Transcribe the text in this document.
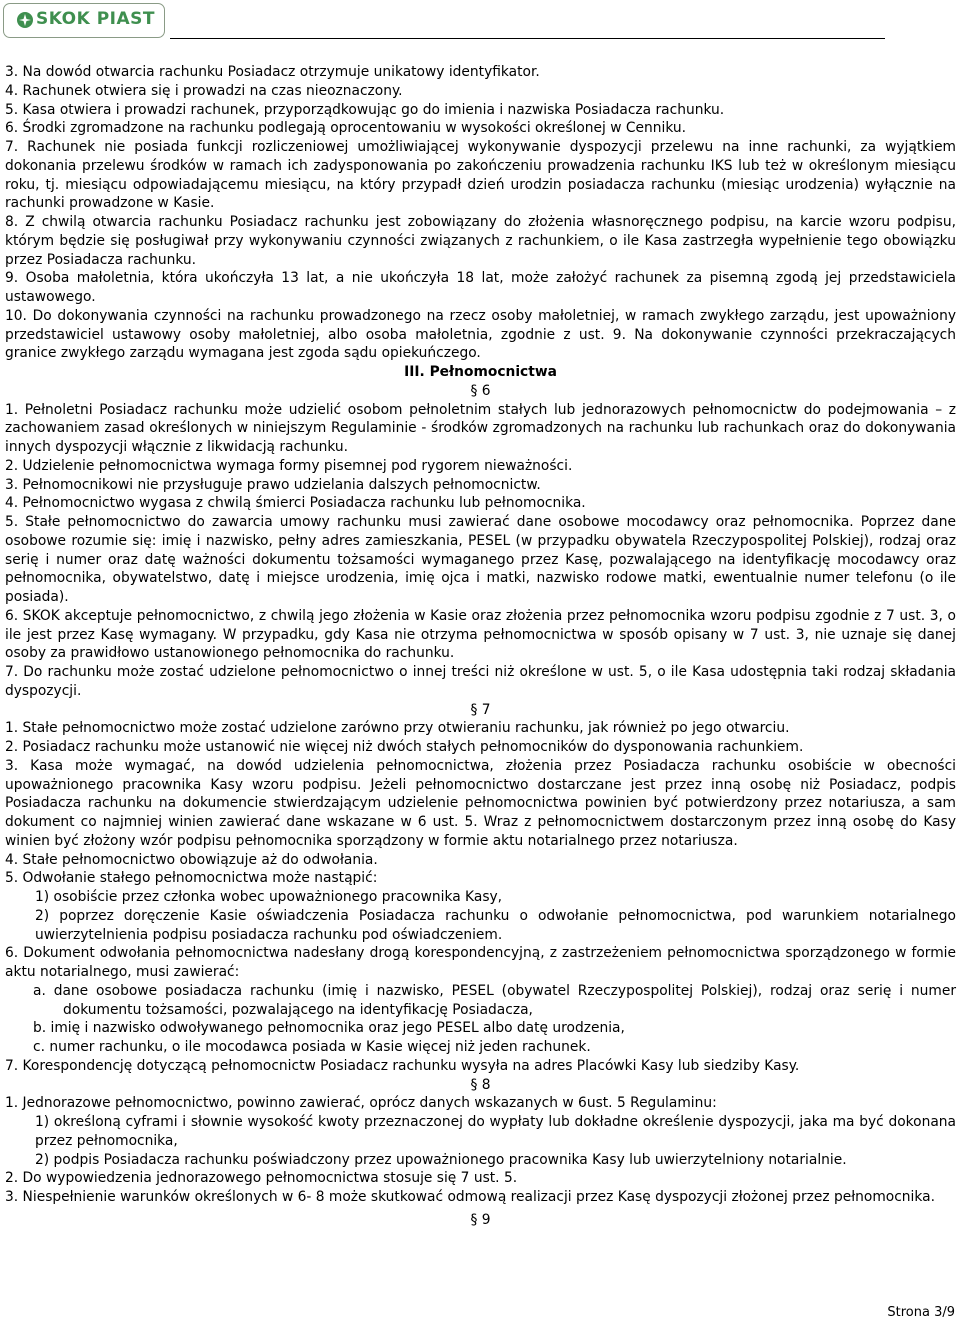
SKOK PIAST

3. Na dowód otwarcia rachunku Posiadacz otrzymuje unikatowy identyfikator.

4. Rachunek otwiera się i prowadzi na czas nieoznaczony.

5. Kasa otwiera i prowadzi rachunek, przyporządkowując go do imienia i nazwiska Posiadacza rachunku.

6. Środki zgromadzone na rachunku podlegają oprocentowaniu w wysokości określonej w Cenniku.

7. Rachunek nie posiada funkcji rozliczeniowej umożliwiającej wykonywanie dyspozycji przelewu na inne rachunki, za wyjątkiem dokonania przelewu środków w ramach ich zadysponowania po zakończeniu prowadzenia rachunku IKS lub też w określonym miesiącu roku, tj. miesiącu odpowiadającemu miesiącu, na który przypadł dzień urodzin posiadacza rachunku (miesiąc urodzenia) wyłącznie na rachunki prowadzone w Kasie.

8. Z chwilą otwarcia rachunku Posiadacz rachunku jest zobowiązany do złożenia własnoręcznego podpisu, na karcie wzoru podpisu, którym będzie się posługiwał przy wykonywaniu czynności związanych z rachunkiem, o ile Kasa zastrzegła wypełnienie tego obowiązku przez Posiadacza rachunku.

9. Osoba małoletnia, która ukończyła 13 lat, a nie ukończyła 18 lat, może założyć rachunek za pisemną zgodą jej przedstawiciela ustawowego.

10. Do dokonywania czynności na rachunku prowadzonego na rzecz osoby małoletniej, w ramach zwykłego zarządu, jest upoważniony przedstawiciel ustawowy osoby małoletniej, albo osoba małoletnia, zgodnie z ust. 9. Na dokonywanie czynności przekraczających granice zwykłego zarządu wymagana jest zgoda sądu opiekuńczego.

III. Pełnomocnictwa

§ 6

1. Pełnoletni Posiadacz rachunku może udzielić osobom pełnoletnim stałych lub jednorazowych pełnomocnictw do podejmowania – z zachowaniem zasad określonych w niniejszym Regulaminie - środków zgromadzonych na rachunku lub rachunkach oraz do dokonywania innych dyspozycji włącznie z likwidacją rachunku.

2. Udzielenie pełnomocnictwa wymaga formy pisemnej pod rygorem nieważności.

3. Pełnomocnikowi nie przysługuje prawo udzielania dalszych pełnomocnictw.

4. Pełnomocnictwo wygasa z chwilą śmierci Posiadacza rachunku lub pełnomocnika.

5. Stałe pełnomocnictwo do zawarcia umowy rachunku musi zawierać dane osobowe mocodawcy oraz pełnomocnika. Poprzez dane osobowe rozumie się: imię i nazwisko, pełny adres zamieszkania, PESEL (w przypadku obywatela Rzeczypospolitej Polskiej), rodzaj oraz serię i numer oraz datę ważności dokumentu tożsamości wymaganego przez Kasę, pozwalającego na identyfikację mocodawcy oraz pełnomocnika, obywatelstwo, datę i miejsce urodzenia, imię ojca i matki, nazwisko rodowe matki, ewentualnie numer telefonu (o ile posiada).

6. SKOK akceptuje pełnomocnictwo, z chwilą jego złożenia w Kasie oraz złożenia przez pełnomocnika wzoru podpisu zgodnie z 7 ust. 3, o ile jest przez Kasę wymagany. W przypadku, gdy Kasa nie otrzyma pełnomocnictwa w sposób opisany w 7 ust. 3, nie uznaje się danej osoby za prawidłowo ustanowionego pełnomocnika do rachunku.

7. Do rachunku może zostać udzielone pełnomocnictwo o innej treści niż określone w ust. 5, o ile Kasa udostępnia taki rodzaj składania dyspozycji.

§ 7

1. Stałe pełnomocnictwo może zostać udzielone zarówno przy otwieraniu rachunku, jak również po jego otwarciu.

2. Posiadacz rachunku może ustanowić nie więcej niż dwóch stałych pełnomocników do dysponowania rachunkiem.

3. Kasa może wymagać, na dowód udzielenia pełnomocnictwa, złożenia przez Posiadacza rachunku osobiście w obecności upoważnionego pracownika Kasy wzoru podpisu. Jeżeli pełnomocnictwo dostarczane jest przez inną osobę niż Posiadacz, podpis Posiadacza rachunku na dokumencie stwierdzającym udzielenie pełnomocnictwa powinien być potwierdzony przez notariusza, a sam dokument co najmniej winien zawierać dane wskazane w 6 ust. 5. Wraz z pełnomocnictwem dostarczonym przez inną osobę do Kasy winien być złożony wzór podpisu pełnomocnika sporządzony w formie aktu notarialnego przez notariusza.

4. Stałe pełnomocnictwo obowiązuje aż do odwołania.

5. Odwołanie stałego pełnomocnictwa może nastąpić:

1) osobiście przez członka wobec upoważnionego pracownika Kasy,

2) poprzez doręczenie Kasie oświadczenia Posiadacza rachunku o odwołanie pełnomocnictwa, pod warunkiem notarialnego uwierzytelnienia podpisu posiadacza rachunku pod oświadczeniem.

6. Dokument odwołania pełnomocnictwa nadesłany drogą korespondencyjną, z zastrzeżeniem pełnomocnictwa sporządzonego w formie aktu notarialnego, musi zawierać:

a. dane osobowe posiadacza rachunku (imię i nazwisko, PESEL (obywatel Rzeczypospolitej Polskiej), rodzaj oraz serię i numer dokumentu tożsamości, pozwalającego na identyfikację Posiadacza,

b. imię i nazwisko odwoływanego pełnomocnika oraz jego PESEL albo datę urodzenia,

c. numer rachunku, o ile mocodawca posiada w Kasie więcej niż jeden rachunek.

7. Korespondencję dotyczącą pełnomocnictw Posiadacz rachunku wysyła na adres Placówki Kasy lub siedziby Kasy.

§ 8

1. Jednorazowe pełnomocnictwo, powinno zawierać, oprócz danych wskazanych w 6ust. 5 Regulaminu:

1) określoną cyframi i słownie wysokość kwoty przeznaczonej do wypłaty lub dokładne określenie dyspozycji, jaka ma być dokonana przez pełnomocnika,

2) podpis Posiadacza rachunku poświadczony przez upoważnionego pracownika Kasy lub uwierzytelniony notarialnie.

2. Do wypowiedzenia jednorazowego pełnomocnictwa stosuje się 7 ust. 5.

3. Niespełnienie warunków określonych w 6- 8 może skutkować odmową realizacji przez Kasę dyspozycji złożonej przez pełnomocnika.

§ 9

Strona 3/9
